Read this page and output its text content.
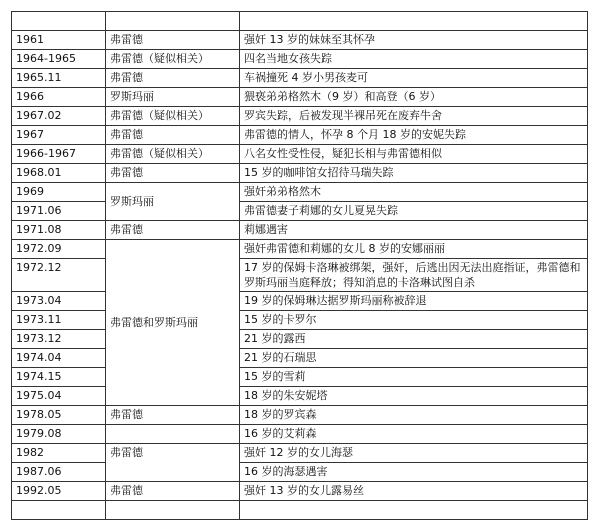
1961	弗雷德	强奸 13 岁的妹妹至其怀孕
1964-1965	弗雷德（疑似相关）	四名当地女孩失踪
1965.11	弗雷德	车祸撞死 4 岁小男孩麦可
1966	罗斯玛丽	猥亵弟弟格然木（9 岁）和高登（6 岁）
1967.02	弗雷德（疑似相关）	罗宾失踪，后被发现半裸吊死在废弃牛舍
1967	弗雷德	弗雷德的情人，怀孕 8 个月 18 岁的安妮失踪
1966-1967	弗雷德（疑似相关）	八名女性受性侵，疑犯长相与弗雷德相似
1968.01	弗雷德	15 岁的咖啡馆女招待马瑞失踪
1969	罗斯玛丽	强奸弟弟格然木
1971.06		弗雷德妻子莉娜的女儿夏晃失踪
1971.08	弗雷德	莉娜遇害
1972.09	弗雷德和罗斯玛丽	强奸弗雷德和莉娜的女儿 8 岁的安娜丽丽
1972.12		17 岁的保姆卡洛琳被绑架，强奸，后逃出因无法出庭指证，弗雷德和罗斯玛丽当庭释放；得知消息的卡洛琳试图自杀
1973.04		19 岁的保姆琳达据罗斯玛丽称被辞退
1973.11		15 岁的卡罗尔
1973.12		21 岁的露西
1974.04		21 岁的石瑞思
1974.15		15 岁的雪莉
1975.04		18 岁的朱安妮塔
1978.05	弗雷德	18 岁的罗宾森
1979.08		16 岁的艾莉森
1982	弗雷德	强奸 12 岁的女儿海瑟
1987.06		16 岁的海瑟遇害
1992.05	弗雷德	强奸 13 岁的女儿露易丝
